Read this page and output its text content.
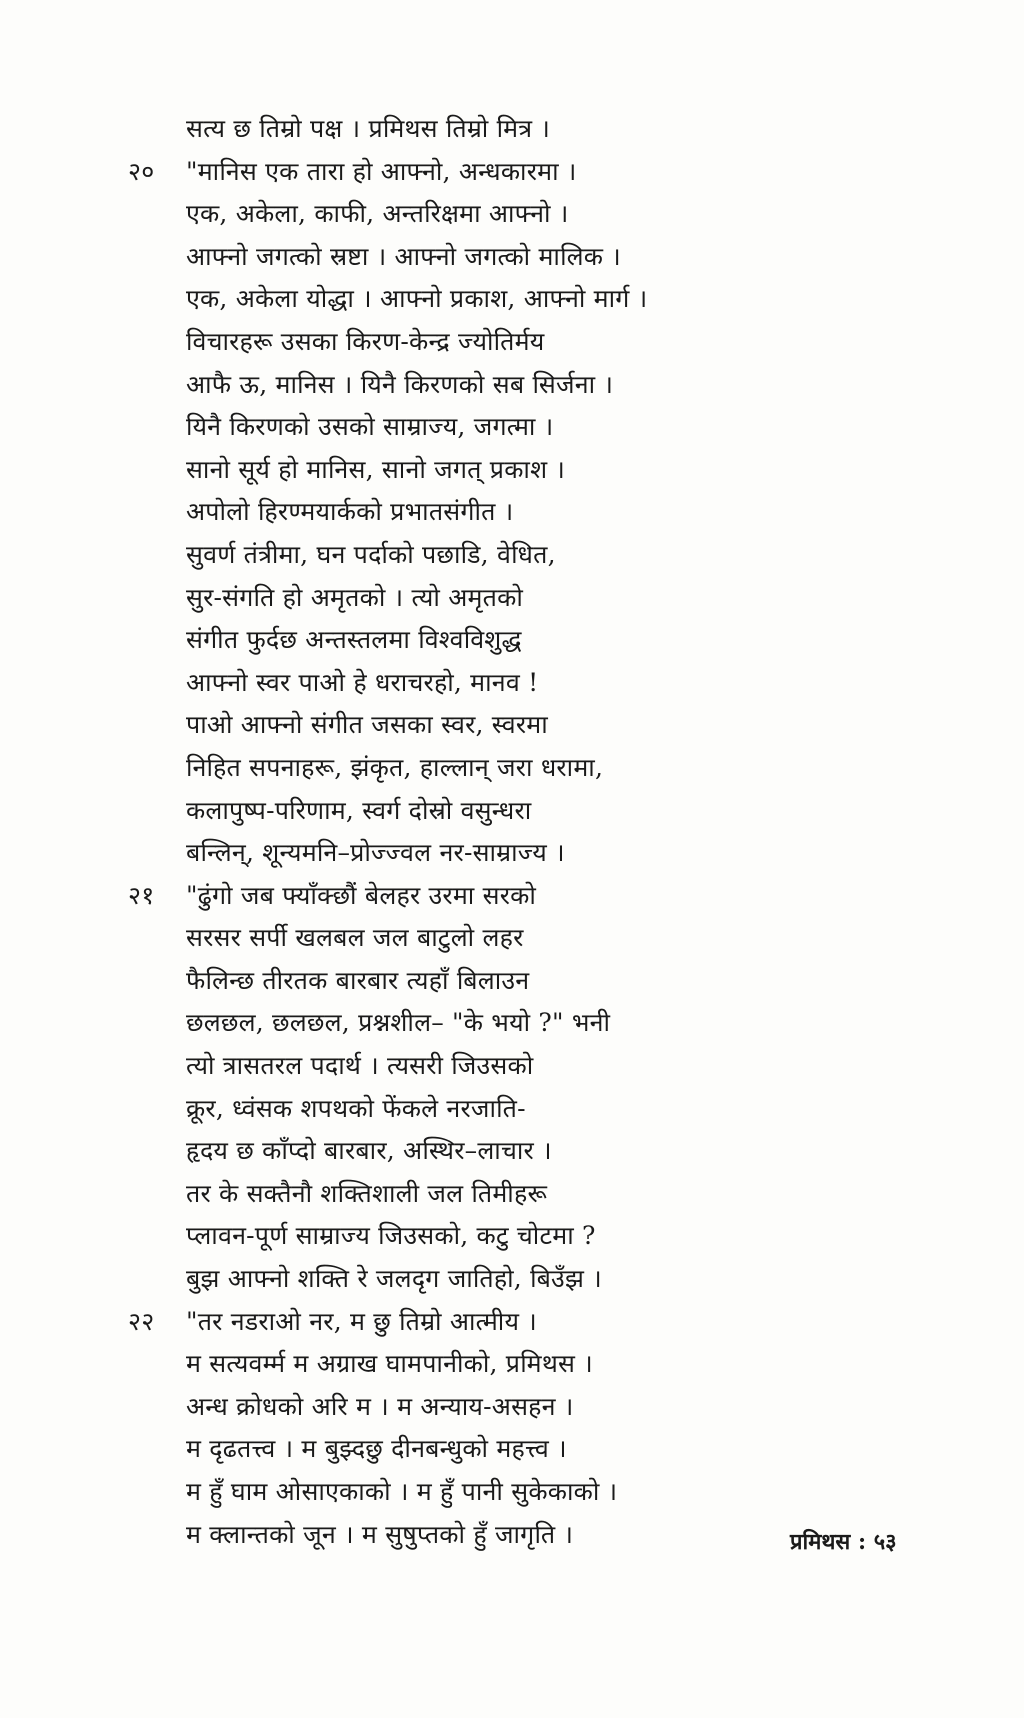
सत्य छ तिम्रो पक्ष । प्रमिथस तिम्रो मित्र ।
२०	"मानिस एक तारा हो आफ्नो, अन्धकारमा ।
एक, अकेला, काफी, अन्तरिक्षमा आफ्नो ।
आफ्नो जगत्को स्रष्टा । आफ्नो जगत्को मालिक ।
एक, अकेला योद्धा । आफ्नो प्रकाश, आफ्नो मार्ग ।
विचारहरू उसका किरण-केन्द्र ज्योतिर्मय
आफै ऊ, मानिस । यिनै किरणको सब सिर्जना ।
यिनै किरणको उसको साम्राज्य, जगत्मा ।
सानो सूर्य हो मानिस, सानो जगत् प्रकाश ।
अपोलो हिरण्मयार्कको प्रभातसंगीत ।
सुवर्ण तंत्रीमा, घन पर्दाको पछाडि, वेधित,
सुर-संगति हो अमृतको । त्यो अमृतको
संगीत फुर्दछ अन्तस्तलमा विश्वविशुद्ध
आफ्नो स्वर पाओ हे धराचरहो, मानव !
पाओ आफ्नो संगीत जसका स्वर, स्वरमा
निहित सपनाहरू, झंकृत, हाल्लान् जरा धरामा,
कलापुष्प-परिणाम, स्वर्ग दोस्रो वसुन्धरा
बन्लिन्, शून्यमनि–प्रोज्ज्वल नर-साम्राज्य ।
२१	"ढुंगो जब फ्याँक्छौं बेलहर उरमा सरको
सरसर सर्पी खलबल जल बाटुलो लहर
फैलिन्छ तीरतक बारबार त्यहाँ बिलाउन
छलछल, छलछल, प्रश्नशील– "के भयो ?" भनी
त्यो त्रासतरल पदार्थ । त्यसरी जिउसको
क्रूर, ध्वंसक शपथको फेंकले नरजाति-
हृदय छ काँप्दो बारबार, अस्थिर–लाचार ।
तर के सक्तैनौ शक्तिशाली जल तिमीहरू
प्लावन-पूर्ण साम्राज्य जिउसको, कटु चोटमा ?
बुझ आफ्नो शक्ति रे जलदृग जातिहो, बिउँझ ।
२२	"तर नडराओ नर, म छु तिम्रो आत्मीय ।
म सत्यवर्म्म म अग्राख घामपानीको, प्रमिथस ।
अन्ध क्रोधको अरि म । म अन्याय-असहन ।
म दृढतत्त्व । म बुझ्दछु दीनबन्धुको महत्त्व ।
म हुँ घाम ओसाएकाको । म हुँ पानी सुकेकाको ।
म क्लान्तको जून । म सुषुप्तको हुँ जागृति ।	प्रमिथस : ५३
